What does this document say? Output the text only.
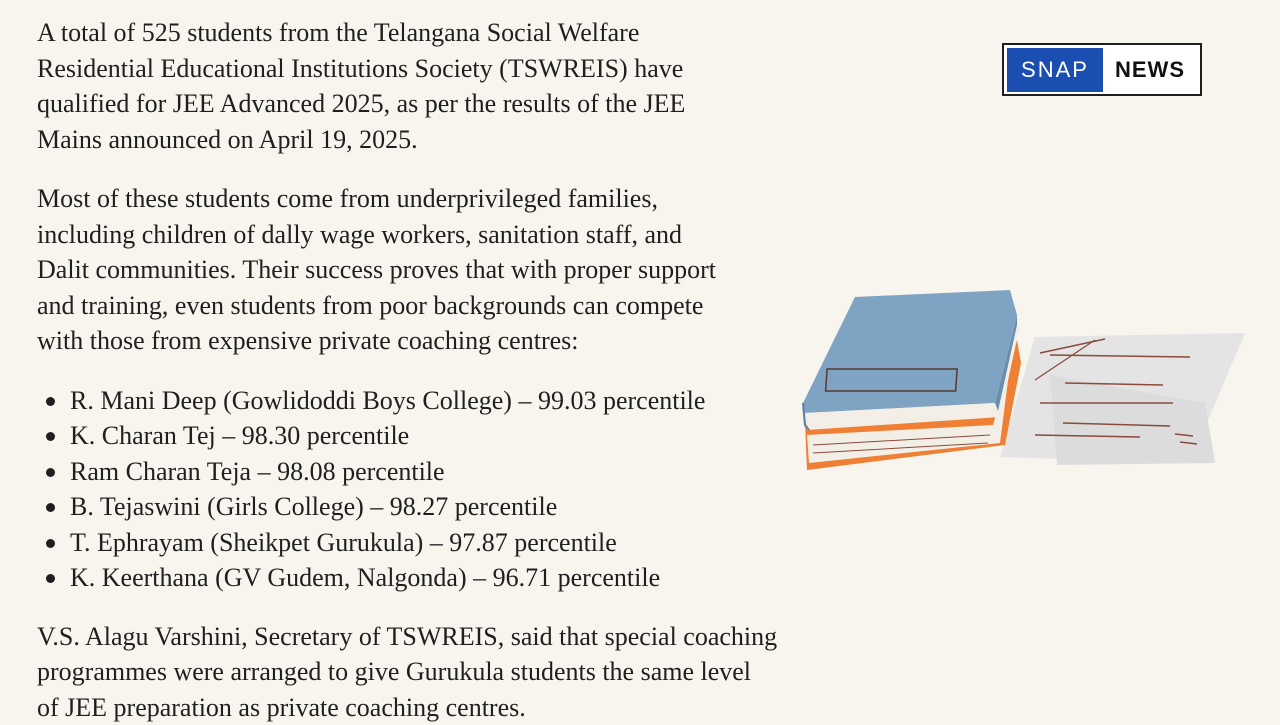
A total of 525 students from the Telangana Social Welfare
Residential Educational Institutions Society (TSWREIS) have
qualified for JEE Advanced 2025, as per the results of the JEE
Mains announced on April 19, 2025.

Most of these students come from underprivileged families,
including children of dally wage workers, sanitation staff, and
Dalit communities. Their success proves that with proper support
and training, even students from poor backgrounds can compete
with those from expensive private coaching centres:

R. Mani Deep (Gowlidoddi Boys College) – 99.03 percentile
K. Charan Tej – 98.30 percentile
Ram Charan Teja – 98.08 percentile
B. Tejaswini (Girls College) – 98.27 percentile
T. Ephrayam (Sheikpet Gurukula) – 97.87 percentile
K. Keerthana (GV Gudem, Nalgonda) – 96.71 percentile

V.S. Alagu Varshini, Secretary of TSWREIS, said that special coaching
programmes were arranged to give Gurukula students the same level
of JEE preparation as private coaching centres.

SNAP	NEWS
